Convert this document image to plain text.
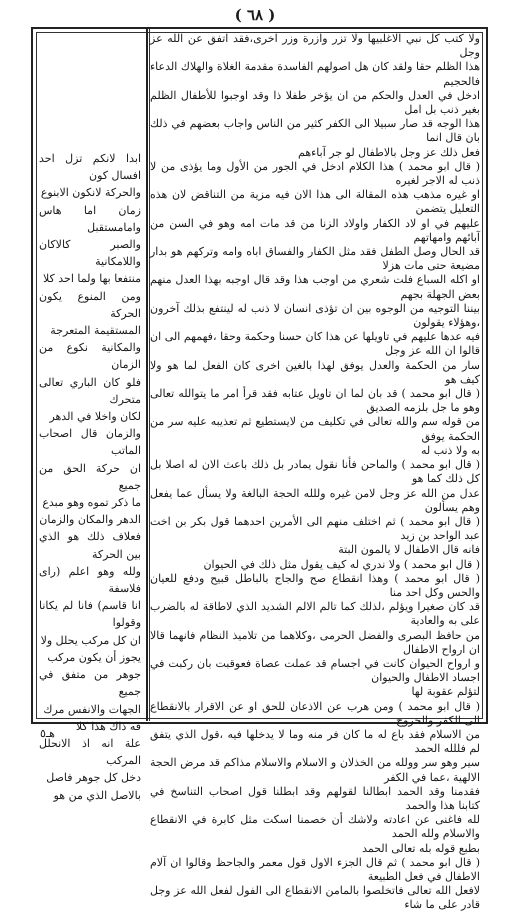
( ٦٨ )

ولا كتب كل نبي الاغلبيها ولا تزر وازرة وزر اخرى،فقد اتفق عن الله عز وجل

هذا الظلم حقا ولقد كان هل اصولهم الفاسدة مقدمة الغلاة والهلاك الدعاء فالحجيم

ادخل في العدل والحكم من ان يؤخر طفلا ذا وقد اوجبوا للأطفال الظلم بغير ذنب بل امل

هذا الوجه قد صار سبيلا الى الكفر كثير من الناس واجاب بعضهم في ذلك بان قال انما

فعل ذلك عز وجل بالاطفال لو جر آباءهم

( قال ابو محمد ) هذا الكلام ادخل في الجور من الأول وما يؤذى من لا ذنب له الاجر لغيره

او غيره مذهب هذه المقالة الى هذا الان فيه مزية من التناقض لان هذه التعليل يتضمن

عليهم في او لاد الكفار واولاد الزنا من قد مات امه وهو في السن من آبائهم وامهاتهم

قد الحال وصل الطفل فقد مثل الكفار والفساق اباه وامه وتركهم هو بدار مضيعة حتى مات هزلا

او اكله السباع فلت شعري من اوجب هذا وقد قال اوجبه بهذا العدل منهم بعض الجهلة بجهم

بيننا التوجيه من الوجوه بين ان تؤذى انسان لا ذنب له لينتفع بذلك آخرون ،وهؤلاء يقولون

فيه عدها عليهم في تاويلها عن هذا كان حسنا وحكمة وحقا ،فهمهم الى ان قالوا ان الله عز وجل

سار من الحكمة والعدل يوفق لهذا بالغين اخرى كان الفعل لما هو ولا كيف هو

( قال ابو محمد ) قد بان لما ان تاويل عتابه فقد قرأ امر ما يتوالله تعالى وهو ما جل بلزمه الصديق

من قوله سم والله تعالى في تكليف من لايستطيع ثم تعذيبه عليه سر من الحكمة يوفق

به ولا ذنب له

( قال ابو محمد ) والماحن فأنا نقول يمادر بل ذلك باعث الان له اصلا بل كل ذلك كما هو

عدل من الله عز وجل لامن غيره وللله الحجة البالغة ولا يسأل عما يفعل وهم يسألون

( قال ابو محمد ) ثم اختلف منهم الى الأمرين احدهما قول بكر بن اخت عبد الواحد بن زيد

فانه قال الاطفال لا يالمون البتة

( قال ابو محمد ) ولا ندري له كيف يقول مثل ذلك في الحيوان

( قال ابو محمد ) وهذا انقطاع صح والجاج بالباطل قبيح ودفع للعيان والحس وكل احد منا

قد كان صغيرا ويؤلم ،لذلك كما تالم الالم الشديد الذي لاطاقة له بالضرب على به والعادية

من حافظ البصرى والفضل الحرمى ،وكلاهما من تلاميذ النظام فانهما قالا ان ارواح الاطفال

و ارواح الحيوان كانت في اجسام قد عملت عصاة فعوقبت بان ركبت في اجساد الاطفال والحيوان

لتؤلم عقوبة لها

( قال ابو محمد ) ومن هرب عن الاذعان للحق او عن الاقرار بالانقطاع الى الكفر والخروج

من الاسلام فقد باع له ما كان فر منه وما لا يدخلها فيه ،قول الذي يتفق لم فللله الحمد

سير وهو سر وولله من الخذلان و الاسلام والاسلام مذاكم قد مرض الحجة الالهية ،عما في الكفر

فقدمنا وقد الحمد ابطالنا لقولهم وقد ابطلنا قول اصحاب التناسخ في كتابنا هذا والحمد

لله فاغنى عن اعادته ولاشك أن خصمنا اسكت مثل كابرة في الانقطاع والاسلام ولله الحمد

بطبع قوله بله تعالى الحمد

( قال ابو محمد ) ثم قال الجزء الاول قول معمر والجاحظ وقالوا ان آلام الاطفال في فعل الطبيعة

لافعل الله تعالى فاتخلصوا بالمامن الانقطاع الى الفول لفعل الله عز وجل قادر على ما شاء

ابدا لانكم تزل احد افسال كون

والحركة لانكون الابنوع

زمان اما هاس وامامستقبل

والصبر كالاكان واللامكانية

منتفعا بها ولما احد كلا

ومن المنوع يكون الحركة

المستقيمة المتعرجة

والمكانية نكوع من الزمان

فلو كان الباري تعالى متحرك

لكان واخلا في الدهر

والزمان قال اصحاب الماتب

ان حركة الحق من جميع

ما ذكر تموه وهو مبدع

الدهر والمكان والزمان

فعلاف ذلك هو الذي بين الحركة

ولله وهو اعلم (راى فلاسفة

انا قاسم) فانا لم يكانا وقولوا

ان كل مركب يحلل ولا

يجوز أن يكون مركب

جوهر من متفق في جميع

الجهات والانفس مرك

فه ذاك هذا كلا

علة انه اذ الانحلل المركب

دخل كل جوهر فاصل

بالاصل الذي من هو

هـ٥
